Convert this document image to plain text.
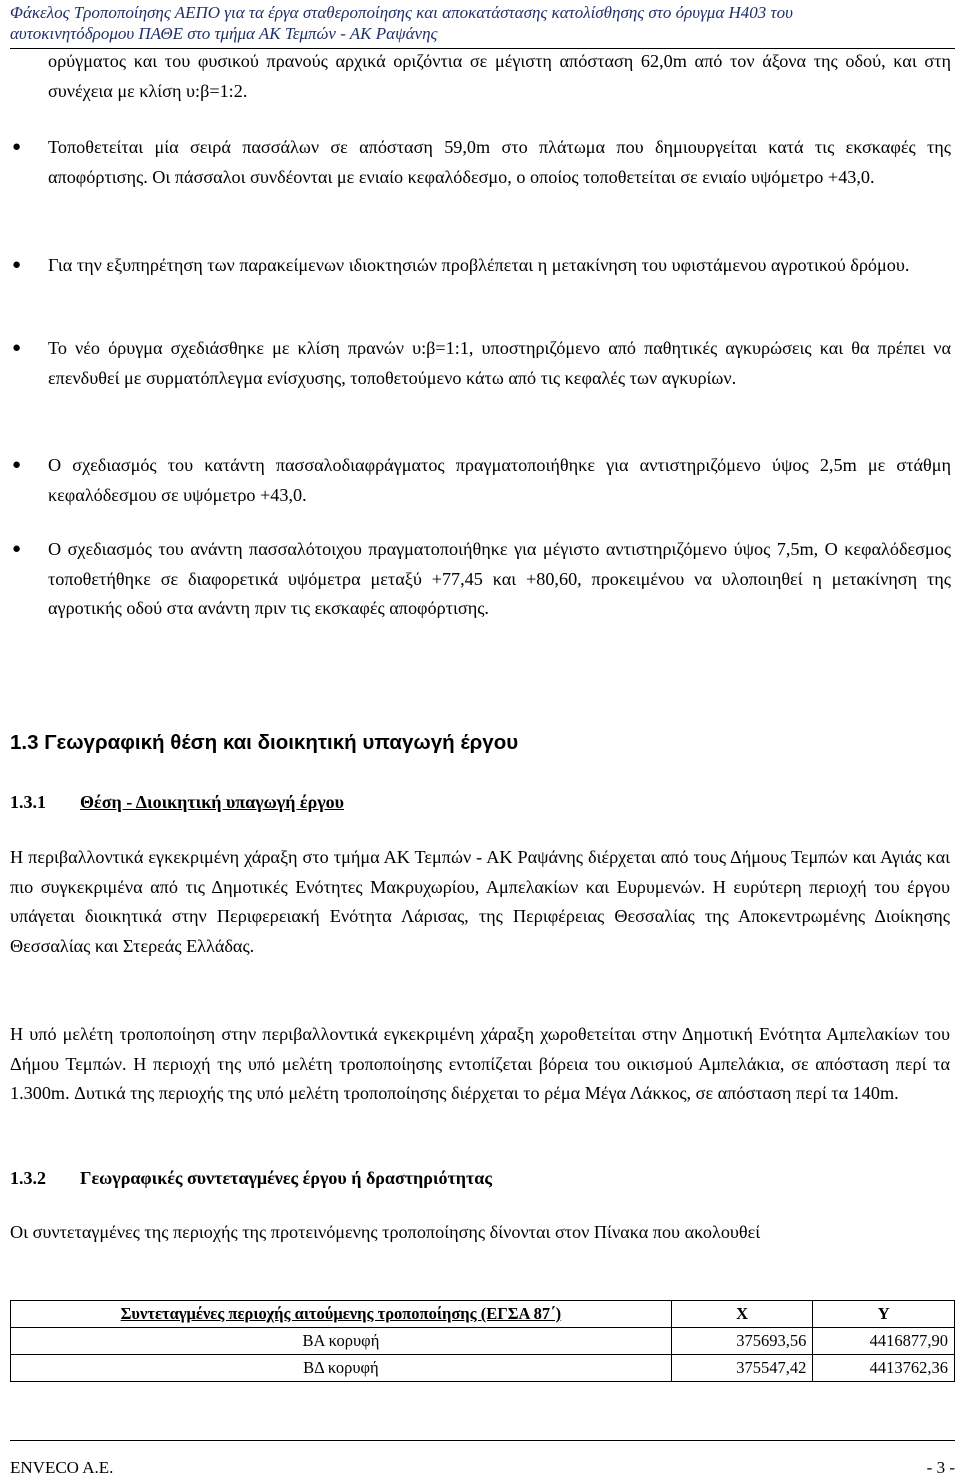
Φάκελος Τροποποίησης ΑΕΠΟ για τα έργα σταθεροποίησης και αποκατάστασης κατολίσθησης στο όρυγμα Η403 του
αυτοκινητόδρομου ΠΑΘΕ στο τμήμα ΑΚ Τεμπών - ΑΚ Ραψάνης
ορύγματος και του φυσικού πρανούς αρχικά οριζόντια σε μέγιστη απόσταση 62,0m από τον άξονα της οδού, και στη συνέχεια με κλίση υ:β=1:2.
● Τοποθετείται μία σειρά πασσάλων σε απόσταση 59,0m στο πλάτωμα που δημιουργείται κατά τις εκσκαφές της αποφόρτισης. Οι πάσσαλοι συνδέονται με ενιαίο κεφαλόδεσμο, ο οποίος τοποθετείται σε ενιαίο υψόμετρο +43,0.
● Για την εξυπηρέτηση των παρακείμενων ιδιοκτησιών προβλέπεται η μετακίνηση του υφιστάμενου αγροτικού δρόμου.
● Το νέο όρυγμα σχεδιάσθηκε με κλίση πρανών υ:β=1:1, υποστηριζόμενο από παθητικές αγκυρώσεις και θα πρέπει να επενδυθεί με συρματόπλεγμα ενίσχυσης, τοποθετούμενο κάτω από τις κεφαλές των αγκυρίων.
● Ο σχεδιασμός του κατάντη πασσαλοδιαφράγματος πραγματοποιήθηκε για αντιστηριζόμενο ύψος 2,5m με στάθμη κεφαλόδεσμου σε υψόμετρο +43,0.
● Ο σχεδιασμός του ανάντη πασσαλότοιχου πραγματοποιήθηκε για μέγιστο αντιστηριζόμενο ύψος 7,5m, Ο κεφαλόδεσμος τοποθετήθηκε σε διαφορετικά υψόμετρα μεταξύ +77,45 και +80,60, προκειμένου να υλοποιηθεί η μετακίνηση της αγροτικής οδού στα ανάντη πριν τις εκσκαφές αποφόρτισης.
1.3 Γεωγραφική θέση και διοικητική υπαγωγή έργου
1.3.1 Θέση - Διοικητική υπαγωγή έργου
Η περιβαλλοντικά εγκεκριμένη χάραξη στο τμήμα ΑΚ Τεμπών - ΑΚ Ραψάνης διέρχεται από τους Δήμους Τεμπών και Αγιάς και πιο συγκεκριμένα από τις Δημοτικές Ενότητες Μακρυχωρίου, Αμπελακίων και Ευρυμενών. Η ευρύτερη περιοχή του έργου υπάγεται διοικητικά στην Περιφερειακή Ενότητα Λάρισας, της Περιφέρειας Θεσσαλίας της Αποκεντρωμένης Διοίκησης Θεσσαλίας και Στερεάς Ελλάδας.
Η υπό μελέτη τροποποίηση στην περιβαλλοντικά εγκεκριμένη χάραξη χωροθετείται στην Δημοτική Ενότητα Αμπελακίων του Δήμου Τεμπών. Η περιοχή της υπό μελέτη τροποποίησης εντοπίζεται βόρεια του οικισμού Αμπελάκια, σε απόσταση περί τα 1.300m. Δυτικά της περιοχής της υπό μελέτη τροποποίησης διέρχεται το ρέμα Μέγα Λάκκος, σε απόσταση περί τα 140m.
1.3.2 Γεωγραφικές συντεταγμένες έργου ή δραστηριότητας
Οι συντεταγμένες της περιοχής της προτεινόμενης τροποποίησης δίνονται στον Πίνακα που ακολουθεί
Συντεταγμένες περιοχής αιτούμενης τροποποίησης (ΕΓΣΑ 87΄)	X	Y
ΒΑ κορυφή	375693,56	4416877,90
ΒΔ κορυφή	375547,42	4413762,36
ENVECO A.E.	- 3 -
